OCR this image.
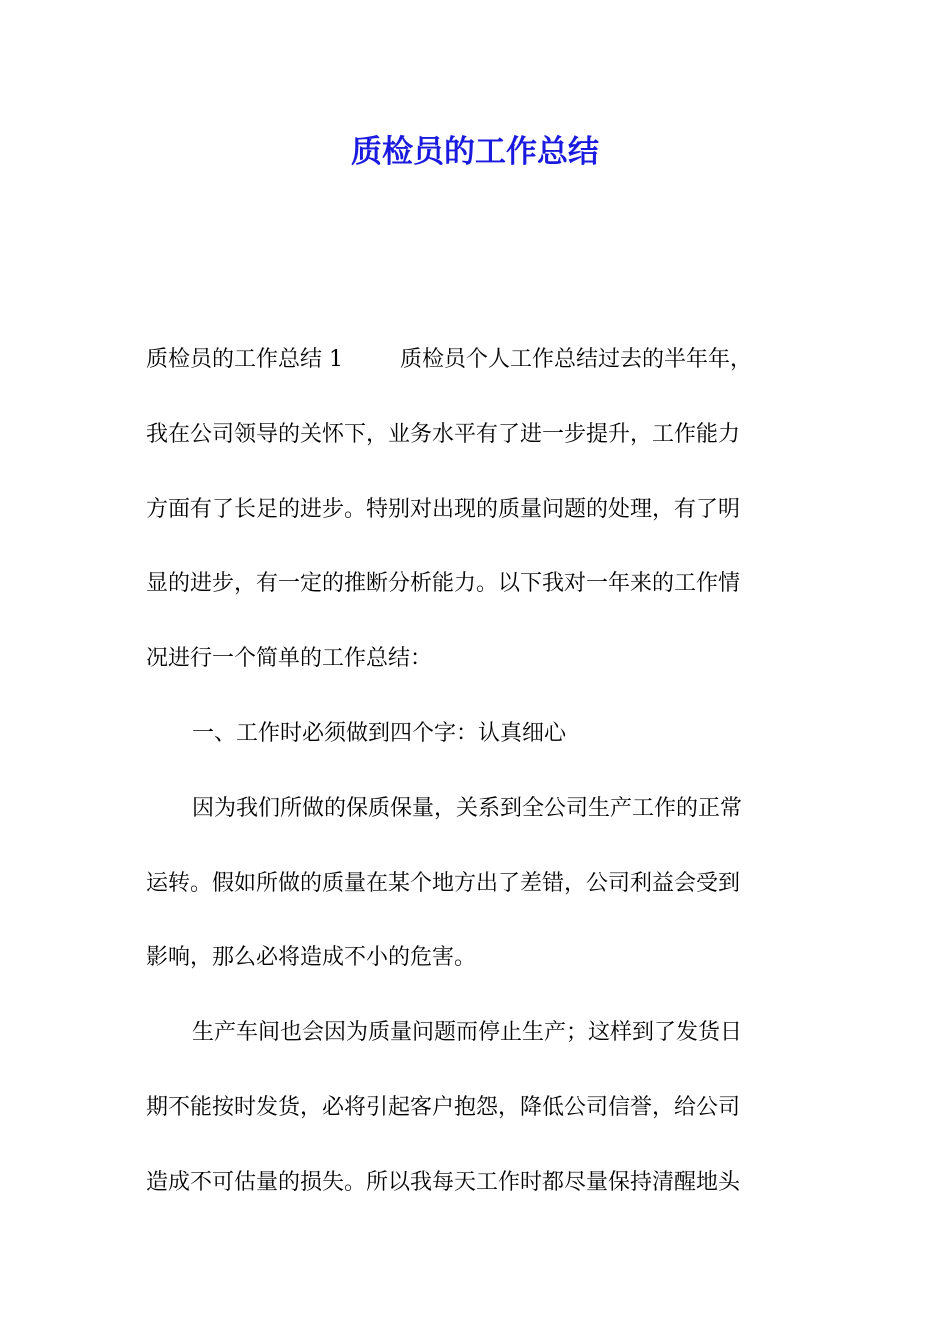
质检员的工作总结

质检员的工作总结 1	质检员个人工作总结过去的半年年，

我在公司领导的关怀下，业务水平有了进一步提升，工作能力

方面有了长足的进步。特别对出现的质量问题的处理，有了明

显的进步，有一定的推断分析能力。以下我对一年来的工作情

况进行一个简单的工作总结：

一、工作时必须做到四个字：认真细心

因为我们所做的保质保量，关系到全公司生产工作的正常

运转。假如所做的质量在某个地方出了差错，公司利益会受到

影响，那么必将造成不小的危害。

生产车间也会因为质量问题而停止生产；这样到了发货日

期不能按时发货，必将引起客户抱怨，降低公司信誉，给公司

造成不可估量的损失。所以我每天工作时都尽量保持清醒地头
